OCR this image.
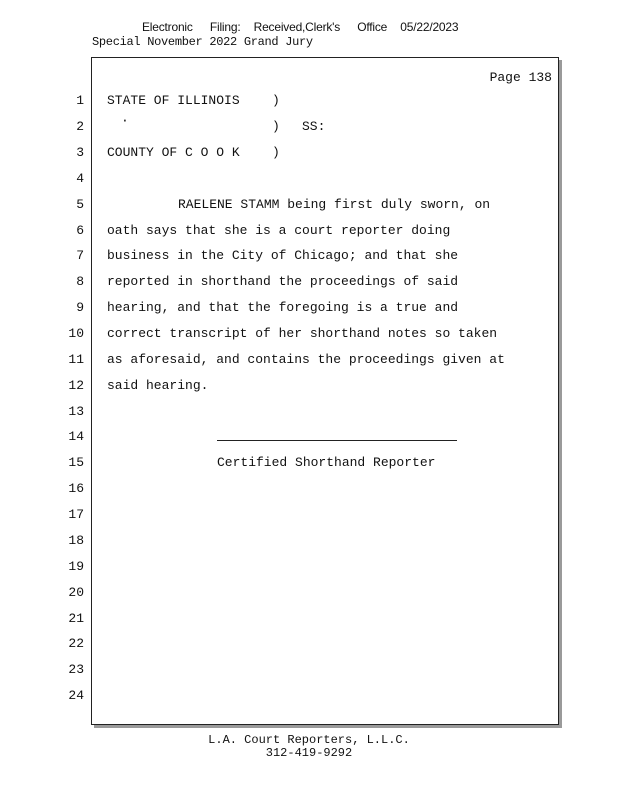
Electronic Filing: Received,Clerk's Office 05/22/2023
Special November 2022 Grand Jury
Page 138
1
2
3
4
5
6
7
8
9
10
11
12
13
14
15
16
17
18
19
20
21
22
23
24
STATE OF ILLINOIS )
·	) SS:
COUNTY OF C O O K )
RAELENE STAMM being first duly sworn, on
oath says that she is a court reporter doing
business in the City of Chicago; and that she
reported in shorthand the proceedings of said
hearing, and that the foregoing is a true and
correct transcript of her shorthand notes so taken
as aforesaid, and contains the proceedings given at
said hearing.
Certified Shorthand Reporter
L.A. Court Reporters, L.L.C.
312-419-9292
